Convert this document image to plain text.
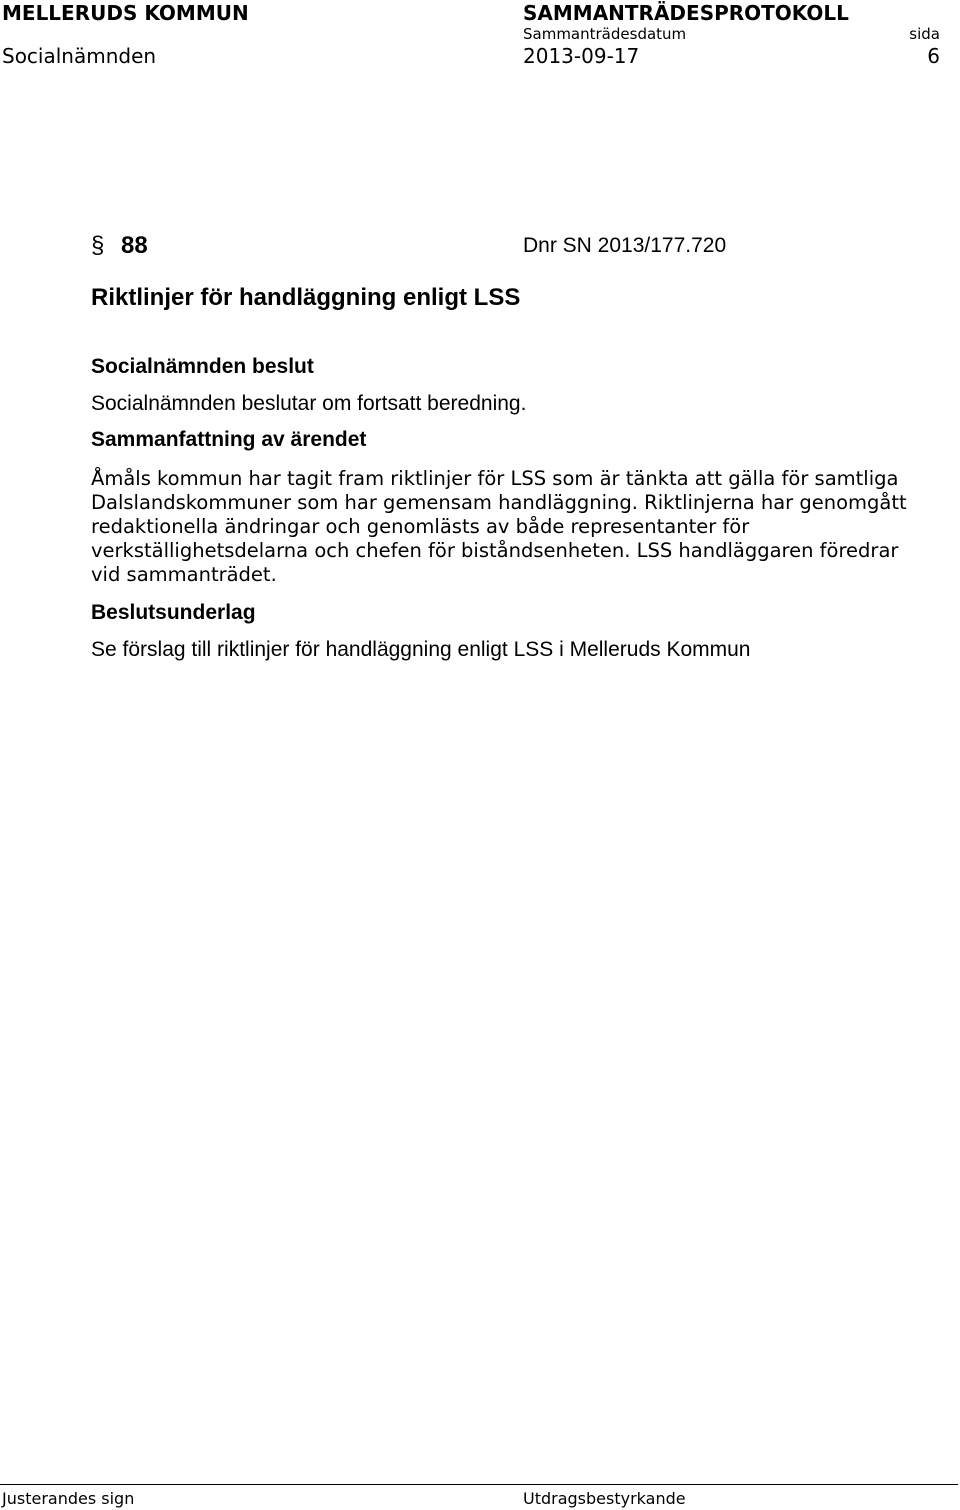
MELLERUDS KOMMUN	SAMMANTRÄDESPROTOKOLL
Sammanträdesdatum	sida
Socialnämnden	2013-09-17	6
§ 88	Dnr SN 2013/177.720
Riktlinjer för handläggning enligt LSS
Socialnämnden beslut
Socialnämnden beslutar om fortsatt beredning.
Sammanfattning av ärendet
Åmåls kommun har tagit fram riktlinjer för LSS som är tänkta att gälla för samtliga
Dalslandskommuner som har gemensam handläggning. Riktlinjerna har genomgått
redaktionella ändringar och genomlästs av både representanter för
verkställighetsdelarna och chefen för biståndsenheten. LSS handläggaren föredrar
vid sammanträdet.
Beslutsunderlag
Se förslag till riktlinjer för handläggning enligt LSS i Melleruds Kommun
Justerandes sign	Utdragsbestyrkande
